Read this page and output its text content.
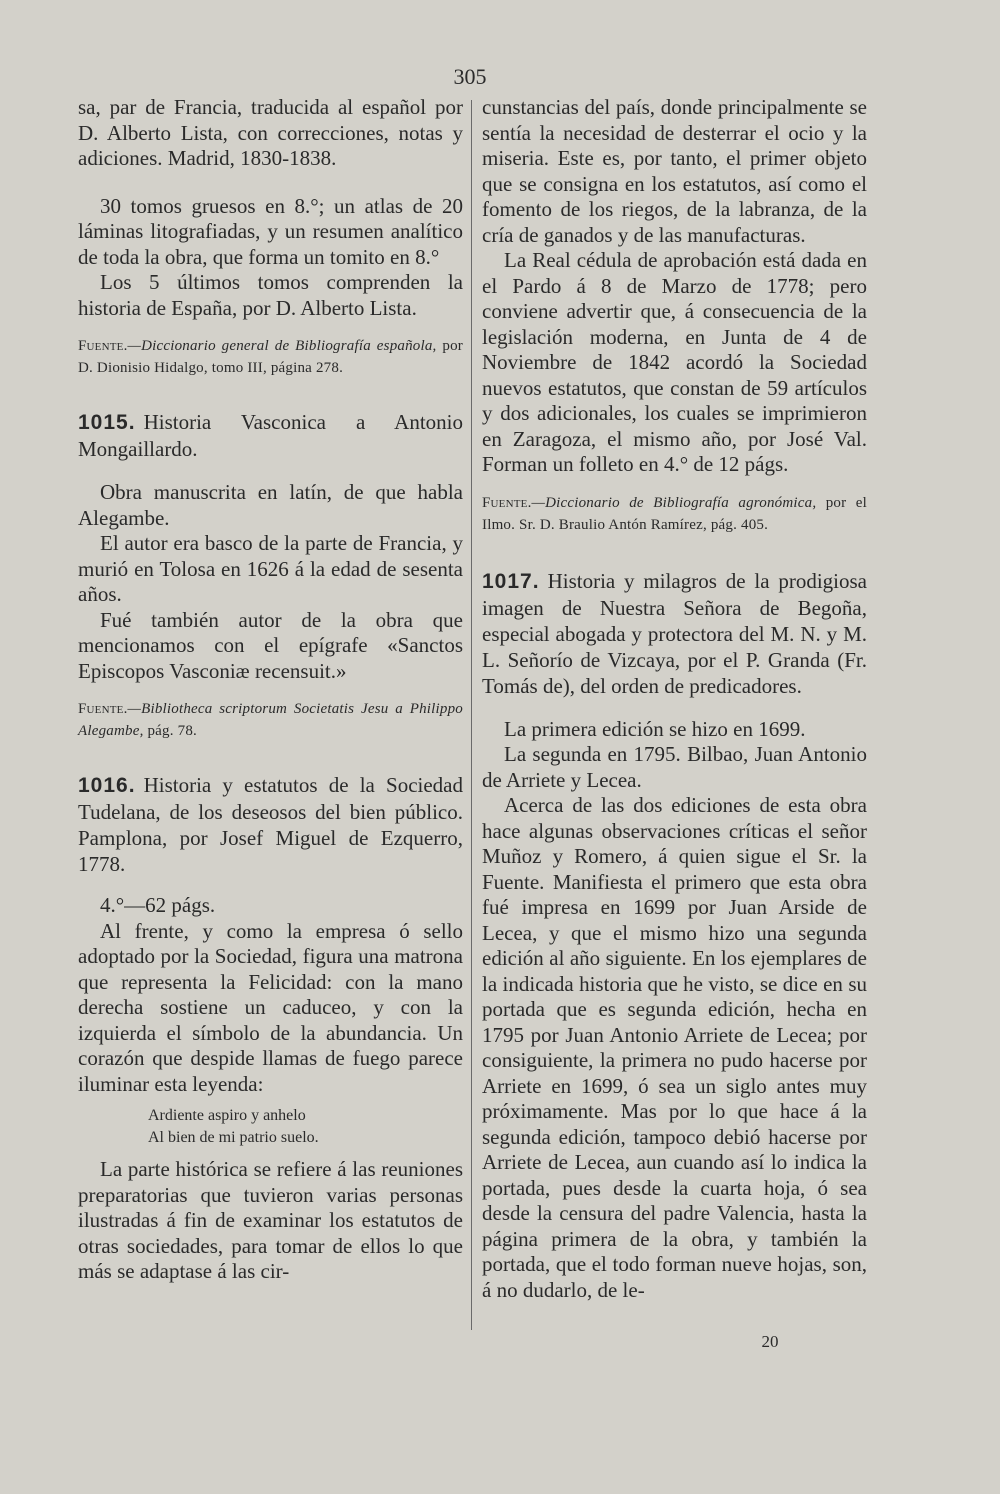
305

sa, par de Francia, traducida al español por D. Alberto Lista, con correcciones, notas y adiciones. Madrid, 1830-1838.

30 tomos gruesos en 8.°; un atlas de 20 láminas litografiadas, y un resumen analítico de toda la obra, que forma un tomito en 8.°

Los 5 últimos tomos comprenden la historia de España, por D. Alberto Lista.

Fuente.—Diccionario general de Bibliografía española, por D. Dionisio Hidalgo, tomo III, página 278.
1015. Historia Vasconica a Antonio Mongaillardo.

Obra manuscrita en latín, de que habla Alegambe.

El autor era basco de la parte de Francia, y murió en Tolosa en 1626 á la edad de sesenta años.

Fué también autor de la obra que mencionamos con el epígrafe «Sanctos Episcopos Vasconiæ recensuit.»

Fuente.—Bibliotheca scriptorum Societatis Jesu a Philippo Alegambe, pág. 78.
1016. Historia y estatutos de la Sociedad Tudelana, de los deseosos del bien público. Pamplona, por Josef Miguel de Ezquerro, 1778.

4.°—62 págs.

Al frente, y como la empresa ó sello adoptado por la Sociedad, figura una matrona que representa la Felicidad: con la mano derecha sostiene un caduceo, y con la izquierda el símbolo de la abundancia. Un corazón que despide llamas de fuego parece iluminar esta leyenda:

Ardiente aspiro y anhelo
Al bien de mi patrio suelo.

La parte histórica se refiere á las reuniones preparatorias que tuvieron varias personas ilustradas á fin de examinar los estatutos de otras sociedades, para tomar de ellos lo que más se adaptase á las cir-

cunstancias del país, donde principalmente se sentía la necesidad de desterrar el ocio y la miseria. Este es, por tanto, el primer objeto que se consigna en los estatutos, así como el fomento de los riegos, de la labranza, de la cría de ganados y de las manufacturas.

La Real cédula de aprobación está dada en el Pardo á 8 de Marzo de 1778; pero conviene advertir que, á consecuencia de la legislación moderna, en Junta de 4 de Noviembre de 1842 acordó la Sociedad nuevos estatutos, que constan de 59 artículos y dos adicionales, los cuales se imprimieron en Zaragoza, el mismo año, por José Val. Forman un folleto en 4.° de 12 págs.

Fuente.—Diccionario de Bibliografía agronómica, por el Ilmo. Sr. D. Braulio Antón Ramírez, pág. 405.
1017. Historia y milagros de la prodigiosa imagen de Nuestra Señora de Begoña, especial abogada y protectora del M. N. y M. L. Señorío de Vizcaya, por el P. Granda (Fr. Tomás de), del orden de predicadores.

La primera edición se hizo en 1699.

La segunda en 1795. Bilbao, Juan Antonio de Arriete y Lecea.

Acerca de las dos ediciones de esta obra hace algunas observaciones críticas el señor Muñoz y Romero, á quien sigue el Sr. la Fuente. Manifiesta el primero que esta obra fué impresa en 1699 por Juan Arside de Lecea, y que el mismo hizo una segunda edición al año siguiente. En los ejemplares de la indicada historia que he visto, se dice en su portada que es segunda edición, hecha en 1795 por Juan Antonio Arriete de Lecea; por consiguiente, la primera no pudo hacerse por Arriete en 1699, ó sea un siglo antes muy próximamente. Mas por lo que hace á la segunda edición, tampoco debió hacerse por Arriete de Lecea, aun cuando así lo indica la portada, pues desde la cuarta hoja, ó sea desde la censura del padre Valencia, hasta la página primera de la obra, y también la portada, que el todo forman nueve hojas, son, á no dudarlo, de le-

20
